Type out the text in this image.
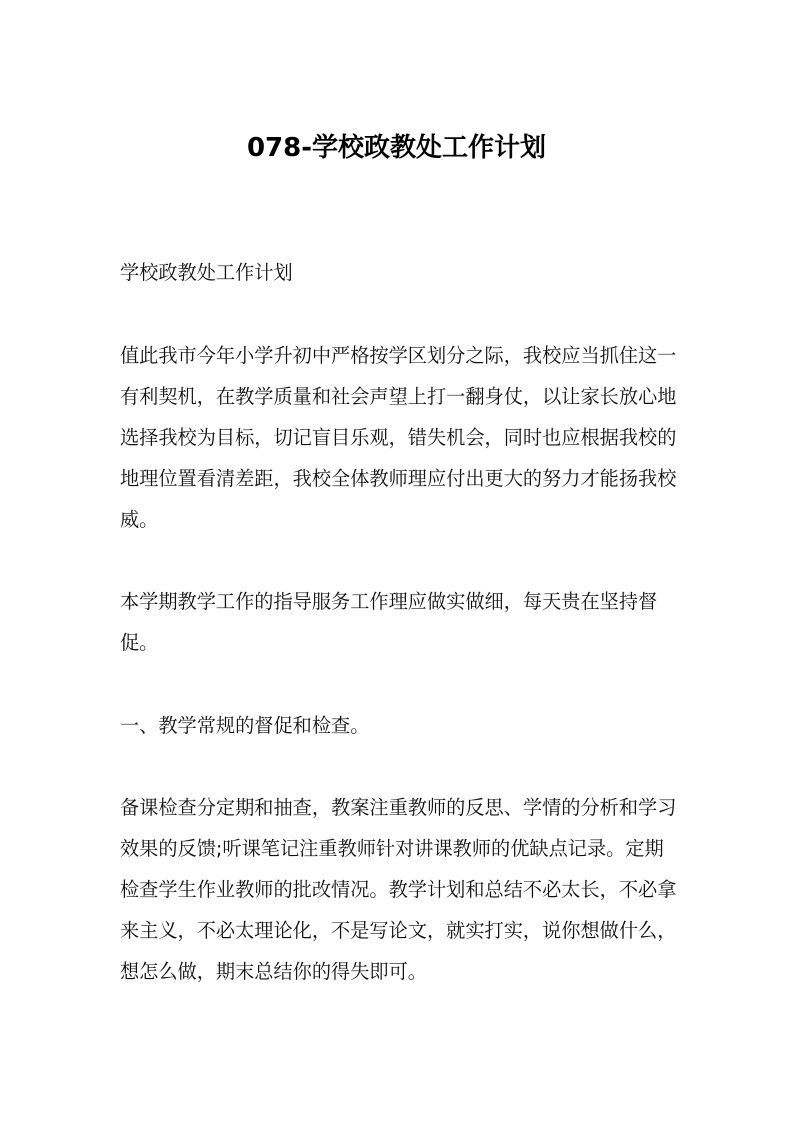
078-学校政教处工作计划

学校政教处工作计划

值此我市今年小学升初中严格按学区划分之际，我校应当抓住这一有利契机，在教学质量和社会声望上打一翻身仗，以让家长放心地选择我校为目标，切记盲目乐观，错失机会，同时也应根据我校的地理位置看清差距，我校全体教师理应付出更大的努力才能扬我校威。

本学期教学工作的指导服务工作理应做实做细，每天贵在坚持督促。

一、教学常规的督促和检查。

备课检查分定期和抽查，教案注重教师的反思、学情的分析和学习效果的反馈;听课笔记注重教师针对讲课教师的优缺点记录。定期检查学生作业教师的批改情况。教学计划和总结不必太长，不必拿来主义，不必太理论化，不是写论文，就实打实，说你想做什么，想怎么做，期末总结你的得失即可。
